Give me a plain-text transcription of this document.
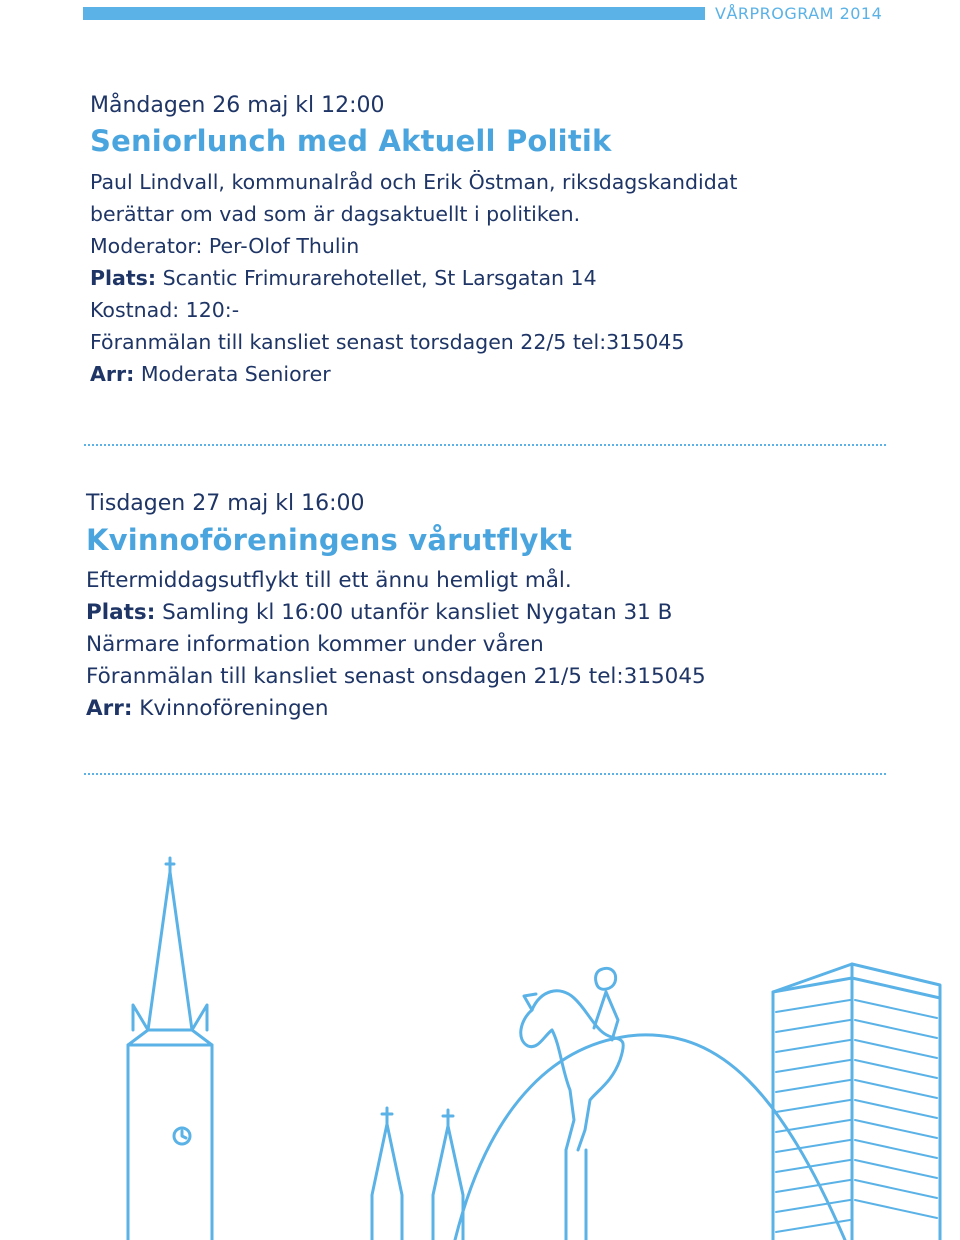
VÅRPROGRAM 2014
Måndagen 26 maj kl 12:00
Seniorlunch med Aktuell Politik
Paul Lindvall, kommunalråd och Erik Östman, riksdagskandidat
berättar om vad som är dagsaktuellt i politiken.
Moderator: Per-Olof Thulin
Plats: Scantic Frimurarehotellet, St Larsgatan 14
Kostnad: 120:-
Föranmälan till kansliet senast torsdagen 22/5 tel:315045
Arr: Moderata Seniorer
Tisdagen 27 maj kl 16:00
Kvinnoföreningens vårutflykt
Eftermiddagsutflykt till ett ännu hemligt mål.
Plats: Samling kl 16:00 utanför kansliet Nygatan 31 B
Närmare information kommer under våren
Föranmälan till kansliet senast onsdagen 21/5 tel:315045
Arr: Kvinnoföreningen
